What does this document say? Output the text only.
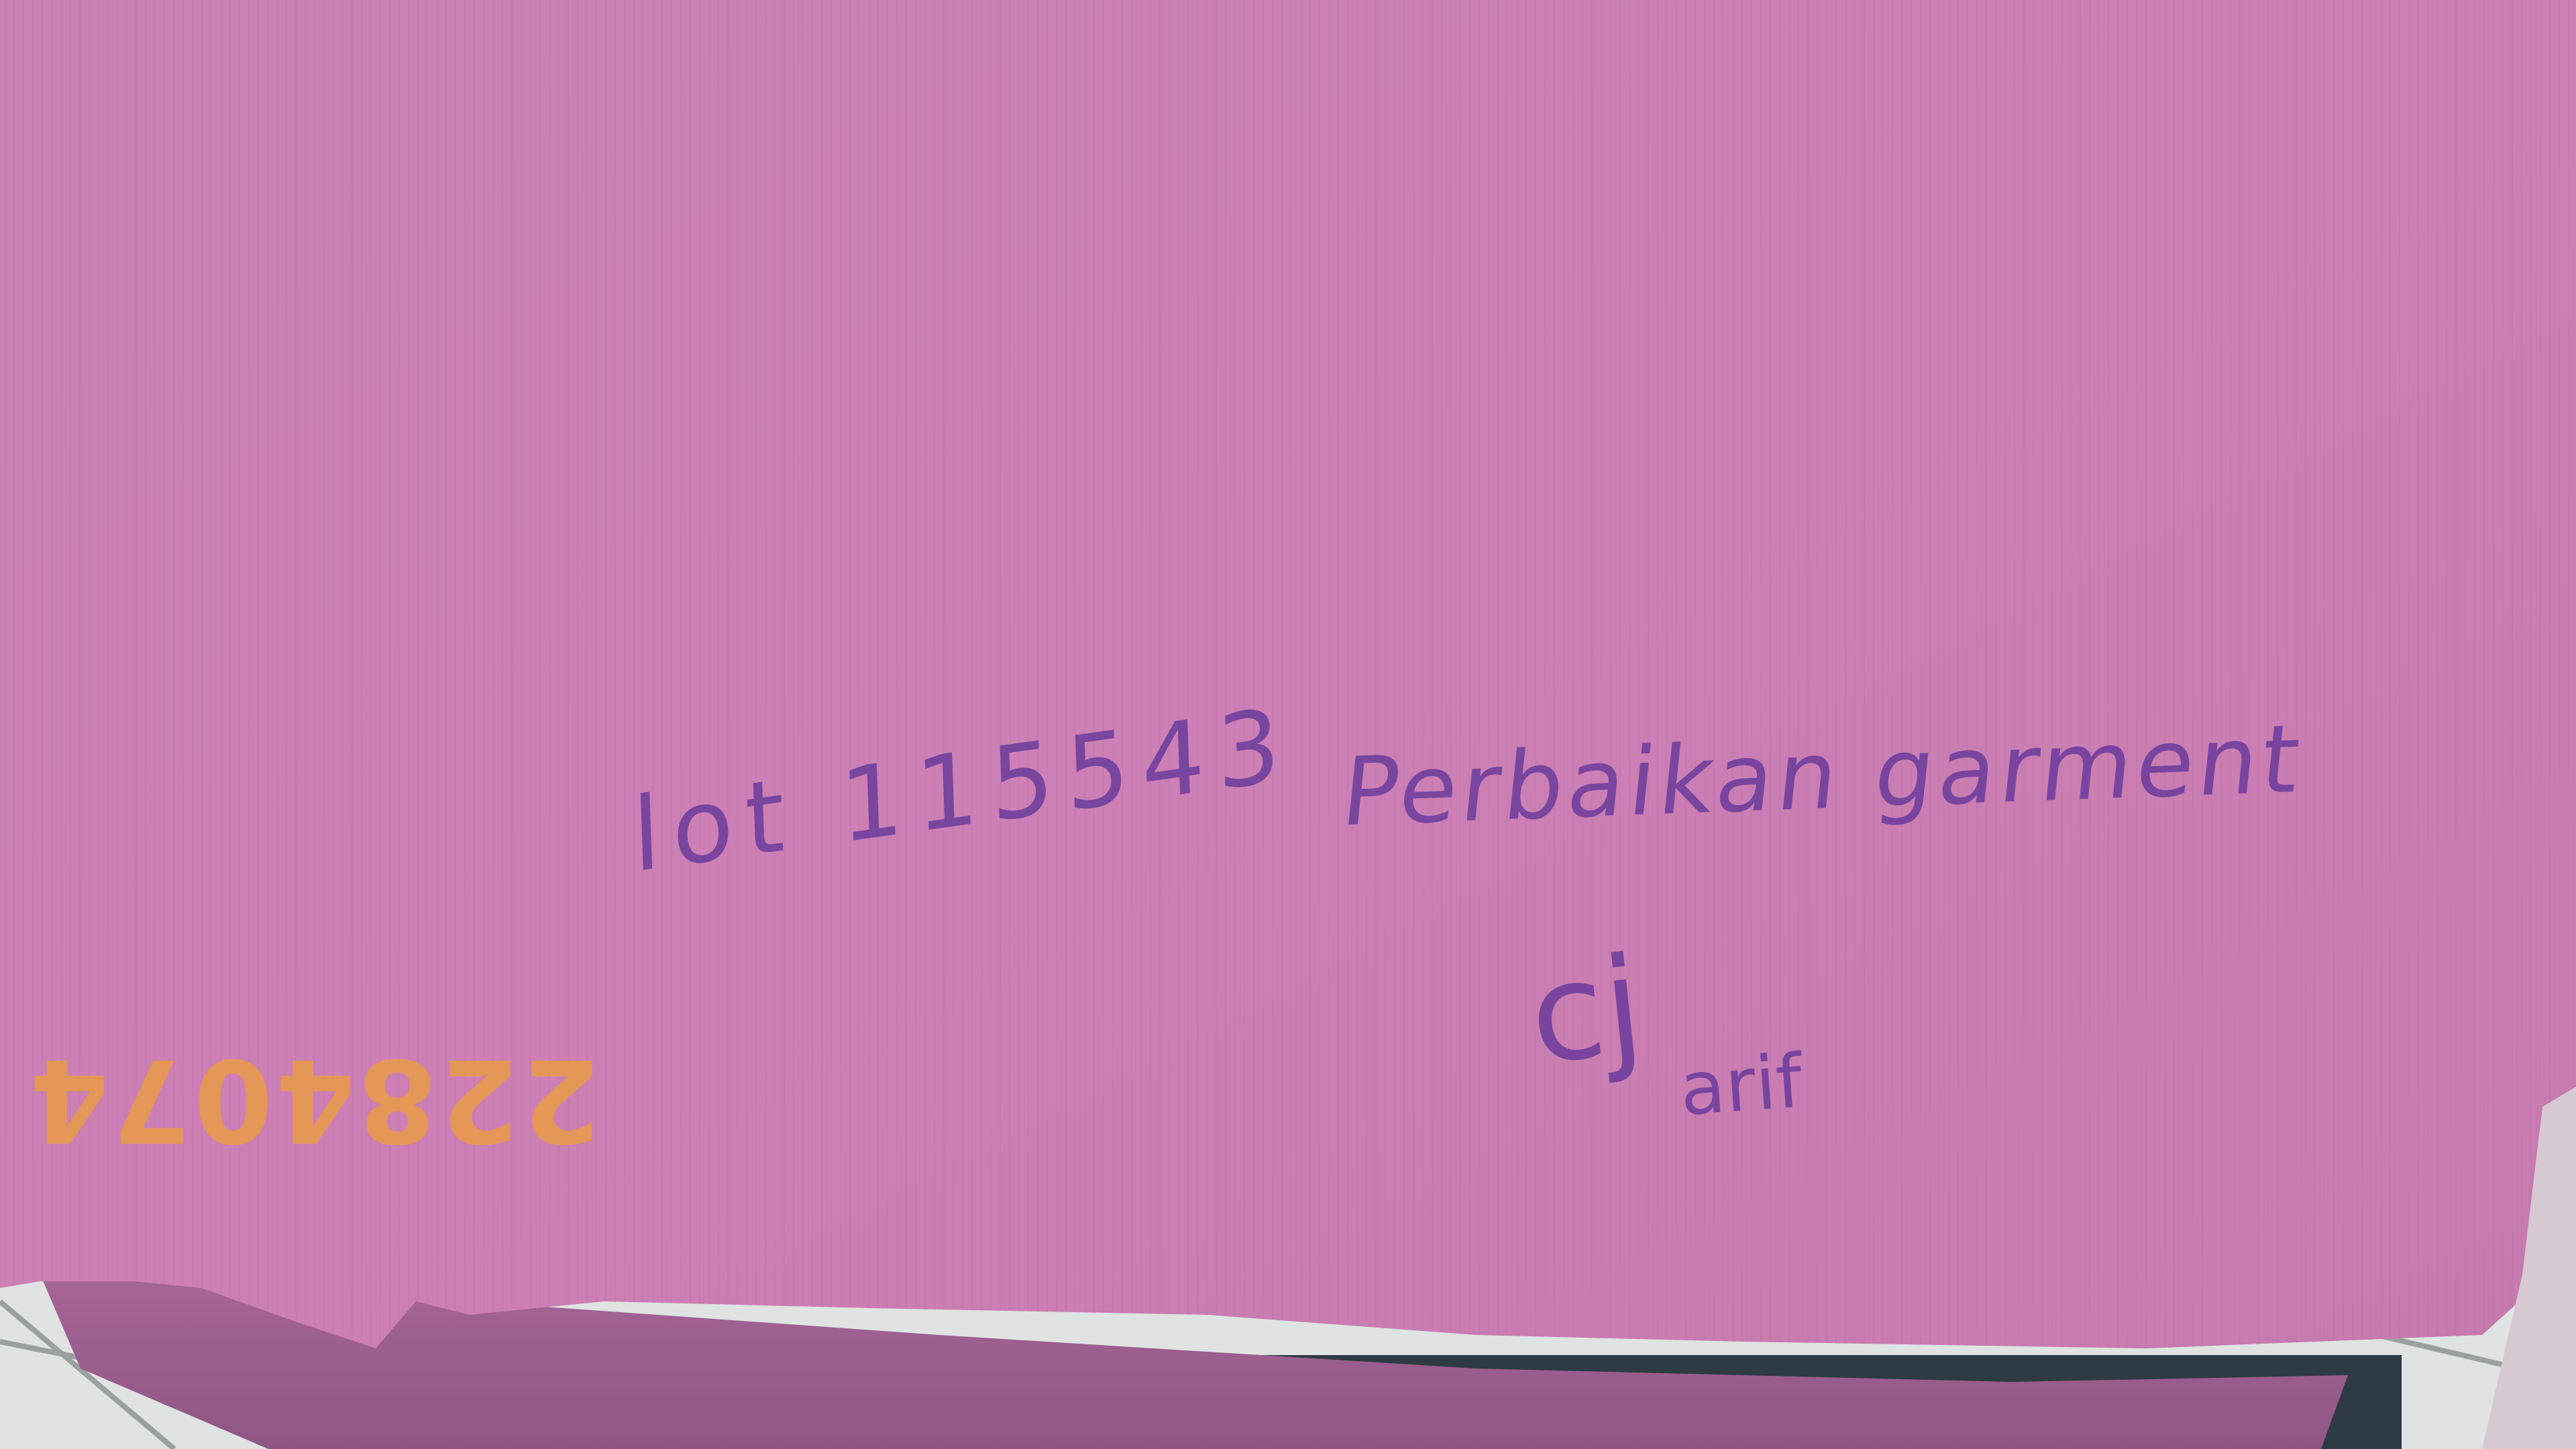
lot 115543 Perbaikan garment
cj arif
2284074
